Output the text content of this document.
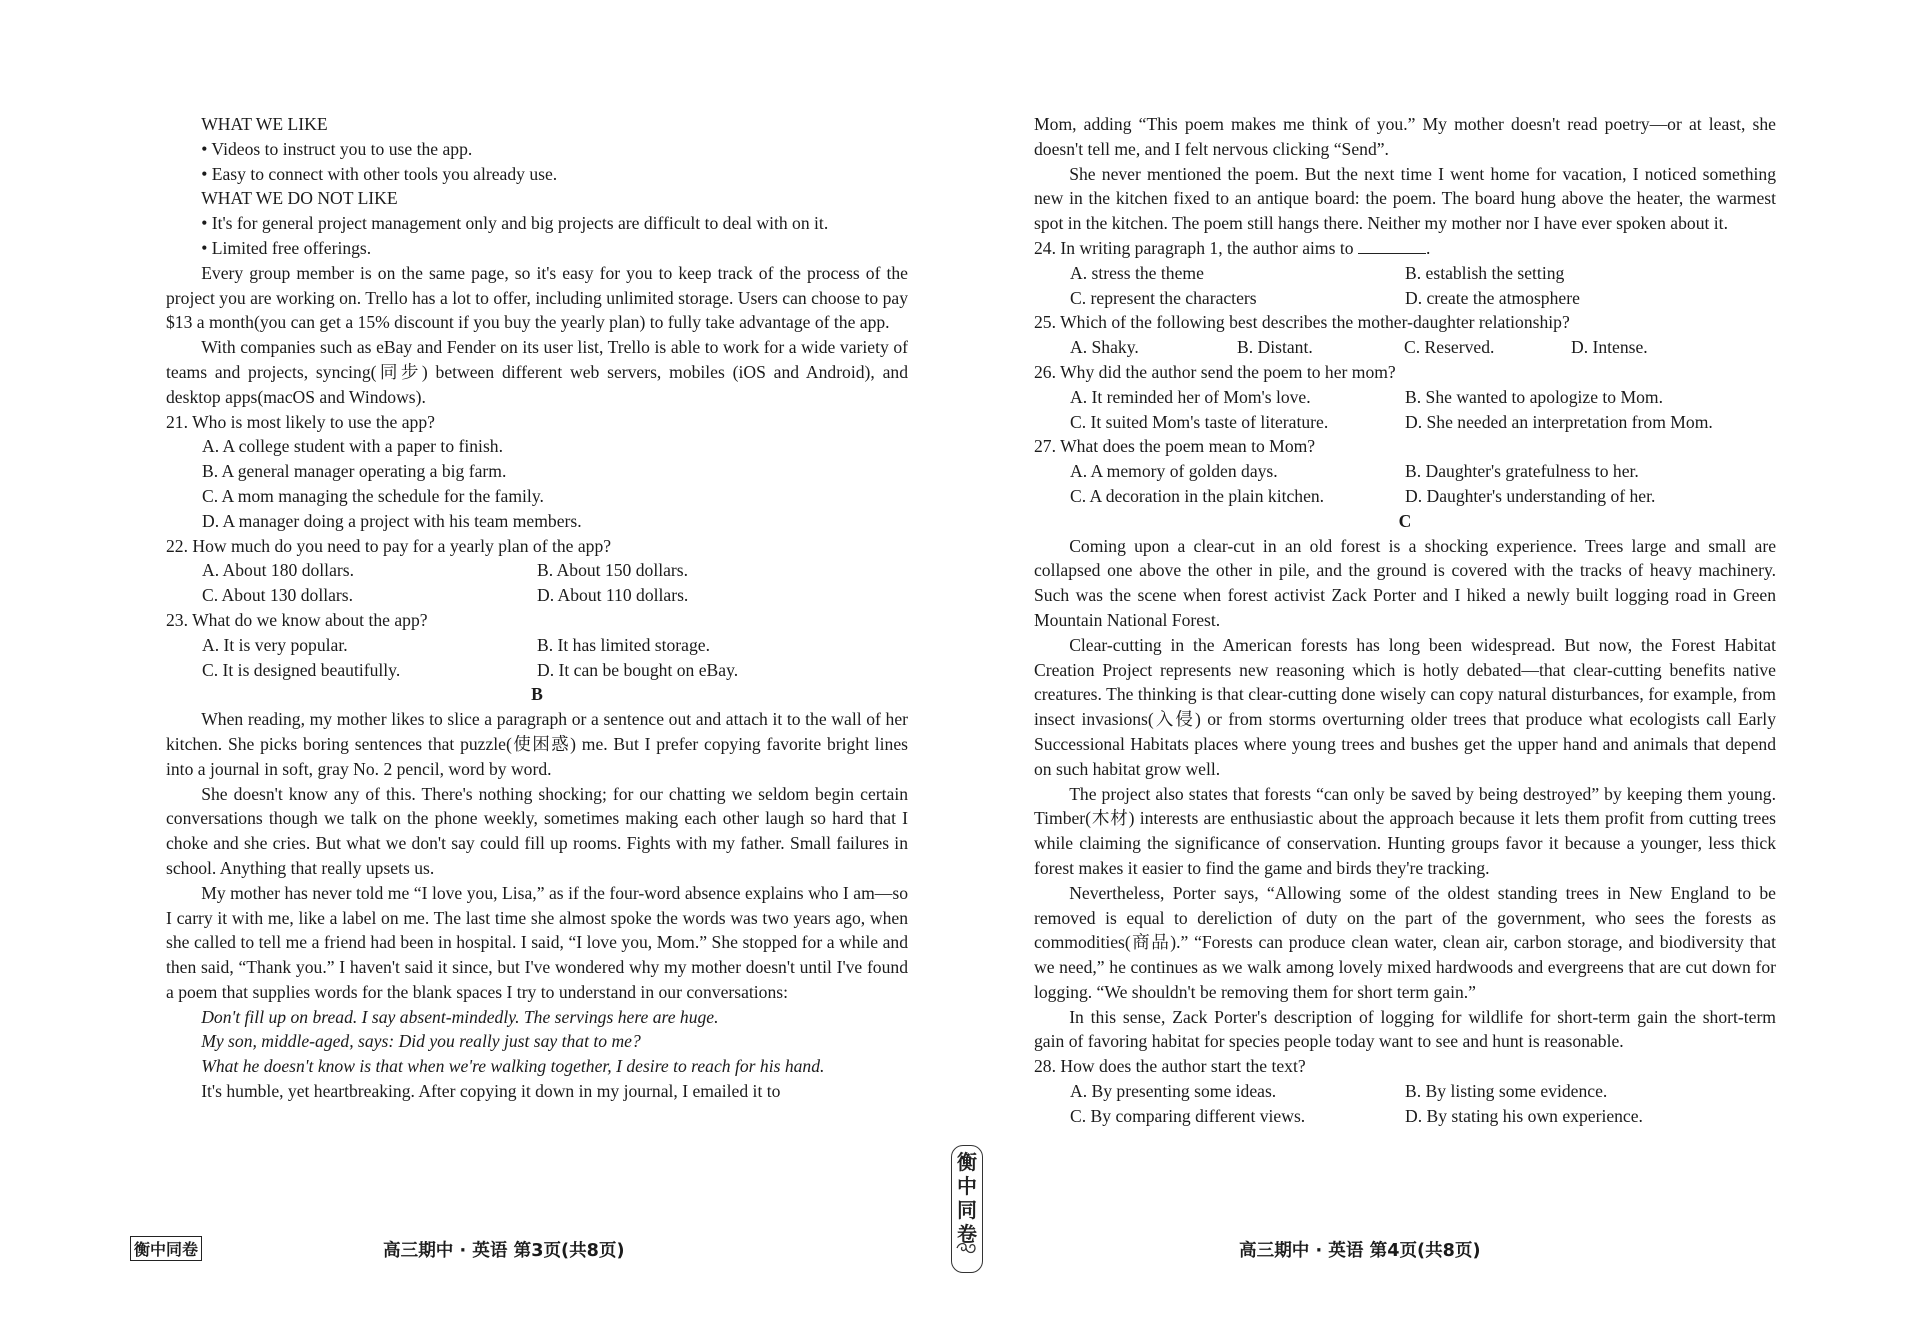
WHAT WE LIKE
• Videos to instruct you to use the app.
• Easy to connect with other tools you already use.
WHAT WE DO NOT LIKE

• It's for general project management only and big projects are difficult to deal with on it.

• Limited free offerings.

Every group member is on the same page, so it's easy for you to keep track of the process of the project you are working on. Trello has a lot to offer, including unlimited storage. Users can choose to pay $13 a month(you can get a 15% discount if you buy the yearly plan) to fully take advantage of the app.

With companies such as eBay and Fender on its user list, Trello is able to work for a wide variety of teams and projects, syncing(同步) between different web servers, mobiles (iOS and Android), and desktop apps(macOS and Windows).

21. Who is most likely to use the app?

A. A college student with a paper to finish.
B. A general manager operating a big farm.
C. A mom managing the schedule for the family.
D. A manager doing a project with his team members.

22. How much do you need to pay for a yearly plan of the app?

A. About 180 dollars.	B. About 150 dollars.
C. About 130 dollars.	D. About 110 dollars.

23. What do we know about the app?

A. It is very popular.	B. It has limited storage.
C. It is designed beautifully.	D. It can be bought on eBay.

B

When reading, my mother likes to slice a paragraph or a sentence out and attach it to the wall of her kitchen. She picks boring sentences that puzzle(使困惑) me. But I prefer copying favorite bright lines into a journal in soft, gray No. 2 pencil, word by word.

She doesn't know any of this. There's nothing shocking; for our chatting we seldom begin certain conversations though we talk on the phone weekly, sometimes making each other laugh so hard that I choke and she cries. But what we don't say could fill up rooms. Fights with my father. Small failures in school. Anything that really upsets us.

My mother has never told me “I love you, Lisa,” as if the four-word absence explains who I am—so I carry it with me, like a label on me. The last time she almost spoke the words was two years ago, when she called to tell me a friend had been in hospital. I said, “I love you, Mom.” She stopped for a while and then said, “Thank you.” I haven't said it since, but I've wondered why my mother doesn't until I've found a poem that supplies words for the blank spaces I try to understand in our conversations:

Don't fill up on bread. I say absent-mindedly. The servings here are huge.

My son, middle-aged, says: Did you really just say that to me?

What he doesn't know is that when we're walking together, I desire to reach for his hand.

It's humble, yet heartbreaking. After copying it down in my journal, I emailed it to

Mom, adding “This poem makes me think of you.” My mother doesn't read poetry—or at least, she doesn't tell me, and I felt nervous clicking “Send”.

She never mentioned the poem. But the next time I went home for vacation, I noticed something new in the kitchen fixed to an antique board: the poem. The board hung above the heater, the warmest spot in the kitchen. The poem still hangs there. Neither my mother nor I have ever spoken about it.

24. In writing paragraph 1, the author aims to	.

A. stress the theme	B. establish the setting
C. represent the characters	D. create the atmosphere

25. Which of the following best describes the mother-daughter relationship?

A. Shaky.	B. Distant.	C. Reserved.	D. Intense.

26. Why did the author send the poem to her mom?

A. It reminded her of Mom's love.	B. She wanted to apologize to Mom.
C. It suited Mom's taste of literature.	D. She needed an interpretation from Mom.

27. What does the poem mean to Mom?

A. A memory of golden days.	B. Daughter's gratefulness to her.
C. A decoration in the plain kitchen.	D. Daughter's understanding of her.

C

Coming upon a clear-cut in an old forest is a shocking experience. Trees large and small are collapsed one above the other in pile, and the ground is covered with the tracks of heavy machinery. Such was the scene when forest activist Zack Porter and I hiked a newly built logging road in Green Mountain National Forest.

Clear-cutting in the American forests has long been widespread. But now, the Forest Habitat Creation Project represents new reasoning which is hotly debated—that clear-cutting benefits native creatures. The thinking is that clear-cutting done wisely can copy natural disturbances, for example, from insect invasions(入侵) or from storms overturning older trees that produce what ecologists call Early Successional Habitats places where young trees and bushes get the upper hand and animals that depend on such habitat grow well.

The project also states that forests “can only be saved by being destroyed” by keeping them young. Timber(木材) interests are enthusiastic about the approach because it lets them profit from cutting trees while claiming the significance of conservation. Hunting groups favor it because a younger, less thick forest makes it easier to find the game and birds they're tracking.

Nevertheless, Porter says, “Allowing some of the oldest standing trees in New England to be removed is equal to dereliction of duty on the part of the government, who sees the forests as commodities(商品).” “Forests can produce clean water, clean air, carbon storage, and biodiversity that we need,” he continues as we walk among lovely mixed hardwoods and evergreens that are cut down for logging. “We shouldn't be removing them for short term gain.”

In this sense, Zack Porter's description of logging for wildlife for short-term gain the short-term gain of favoring habitat for species people today want to see and hunt is reasonable.

28. How does the author start the text?

A. By presenting some ideas.	B. By listing some evidence.
C. By comparing different views.	D. By stating his own experience.
衡
中
同
卷
衡中同卷	高三期中 · 英语 第3页(共8页)	高三期中 · 英语 第4页(共8页)
